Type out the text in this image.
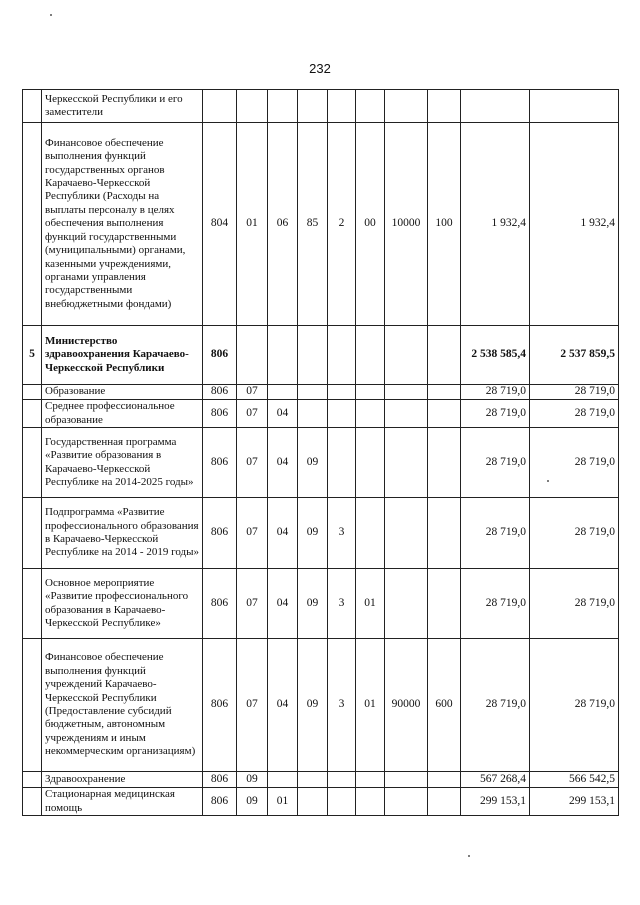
232
	Черкесской Республики и его заместители										
	Финансовое обеспечение выполнения функций государственных органов Карачаево-Черкесской Республики (Расходы на выплаты персоналу в целях обеспечения выполнения функций государственными (муниципальными) органами, казенными учреждениями, органами управления государственными внебюджетными фондами)	804	01	06	85	2	00	10000	100	1 932,4	1 932,4
5	Министерство здравоохранения Карачаево-Черкесской Республики	806								2 538 585,4	2 537 859,5
	Образование	806	07							28 719,0	28 719,0
	Среднее профессиональное образование	806	07	04						28 719,0	28 719,0
	Государственная программа «Развитие образования в Карачаево-Черкесской Республике на 2014-2025 годы»	806	07	04	09					28 719,0	28 719,0
	Подпрограмма «Развитие профессионального образования в Карачаево-Черкесской Республике на 2014 - 2019 годы»	806	07	04	09	3				28 719,0	28 719,0
	Основное мероприятие «Развитие профессионального образования в Карачаево-Черкесской Республике»	806	07	04	09	3	01			28 719,0	28 719,0
	Финансовое обеспечение выполнения функций учреждений Карачаево-Черкесской Республики (Предоставление субсидий бюджетным, автономным учреждениям и иным некоммерческим организациям)	806	07	04	09	3	01	90000	600	28 719,0	28 719,0
	Здравоохранение	806	09							567 268,4	566 542,5
	Стационарная медицинская помощь	806	09	01						299 153,1	299 153,1
